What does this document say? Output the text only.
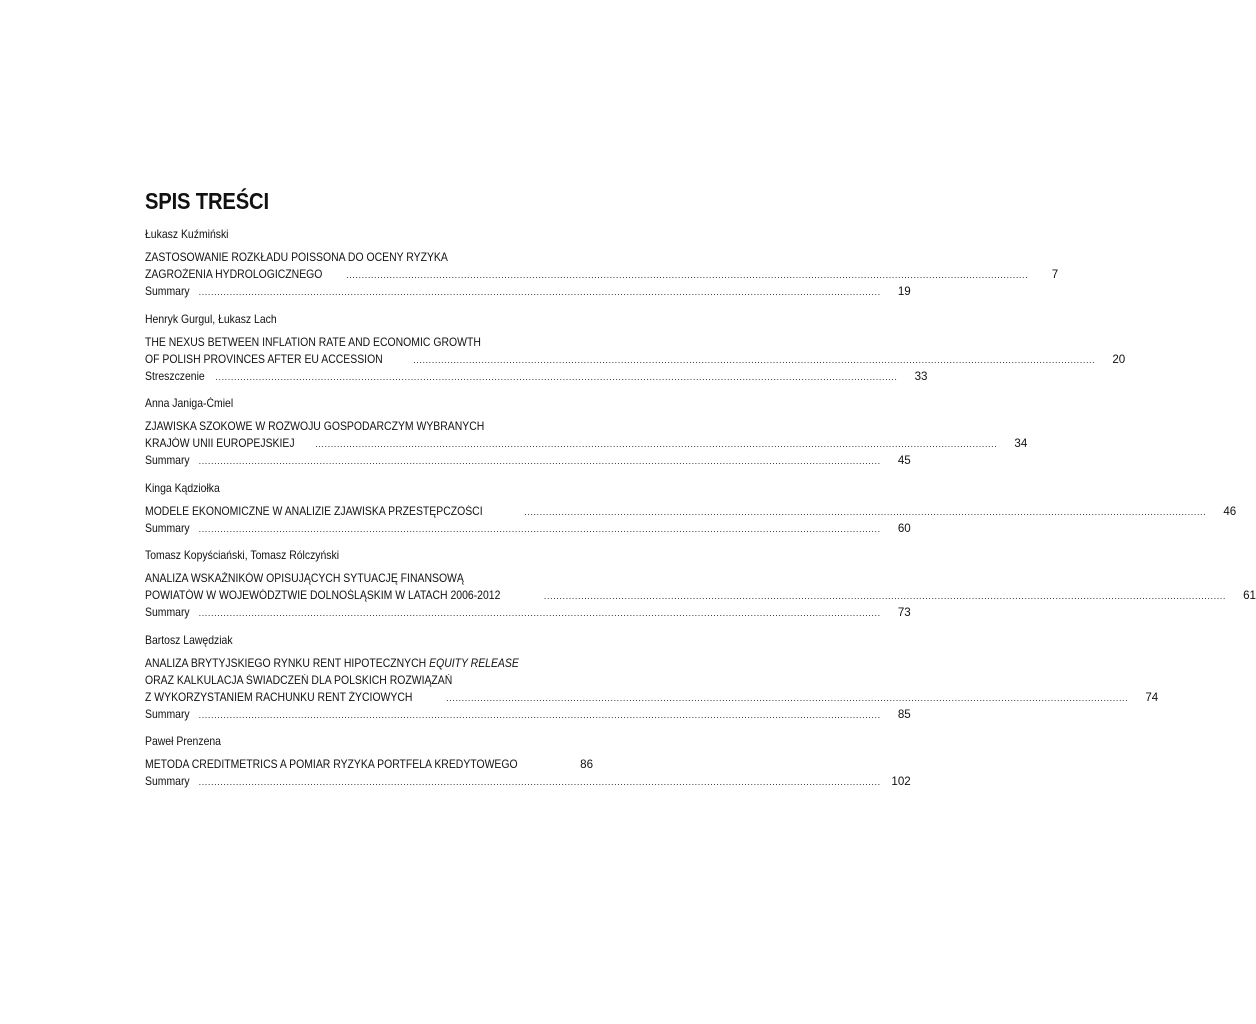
SPIS TREŚCI
Łukasz Kuźmiński
ZASTOSOWANIE ROZKŁADU POISSONA DO OCENY RYZYKA
ZAGROŻENIA HYDROLOGICZNEGO	............................................................................................................................................................................................................................	7
Summary ............................................................................................................................................................................................................................	19
Henryk Gurgul, Łukasz Lach
THE NEXUS BETWEEN INFLATION RATE AND ECONOMIC GROWTH
OF POLISH PROVINCES AFTER EU ACCESSION	............................................................................................................................................................................................................................	20
Streszczenie	............................................................................................................................................................................................................................	33
Anna Janiga-Ćmiel
ZJAWISKA SZOKOWE W ROZWOJU GOSPODARCZYM WYBRANYCH
KRAJÓW UNII EUROPEJSKIEJ	............................................................................................................................................................................................................................	34
Summary ............................................................................................................................................................................................................................	45
Kinga Kądziołka
MODELE EKONOMICZNE W ANALIZIE ZJAWISKA PRZESTĘPCZOŚCI	............................................................................................................................................................................................................................	46
Summary ............................................................................................................................................................................................................................	60
Tomasz Kopyściański, Tomasz Rólczyński
ANALIZA WSKAŹNIKÓW OPISUJĄCYCH SYTUACJĘ FINANSOWĄ
POWIATÓW W WOJEWÓDZTWIE DOLNOŚLĄSKIM W LATACH 2006-2012	............................................................................................................................................................................................................................	61
Summary ............................................................................................................................................................................................................................	73
Bartosz Lawędziak
ANALIZA BRYTYJSKIEGO RYNKU RENT HIPOTECZNYCH EQUITY RELEASE
ORAZ KALKULACJA ŚWIADCZEŃ DLA POLSKICH ROZWIĄZAŃ
Z WYKORZYSTANIEM RACHUNKU RENT ŻYCIOWYCH	............................................................................................................................................................................................................................	74
Summary ............................................................................................................................................................................................................................	85
Paweł Prenzena
METODA CREDITMETRICS A POMIAR RYZYKA PORTFELA KREDYTOWEGO	86
Summary ............................................................................................................................................................................................................................ 102
